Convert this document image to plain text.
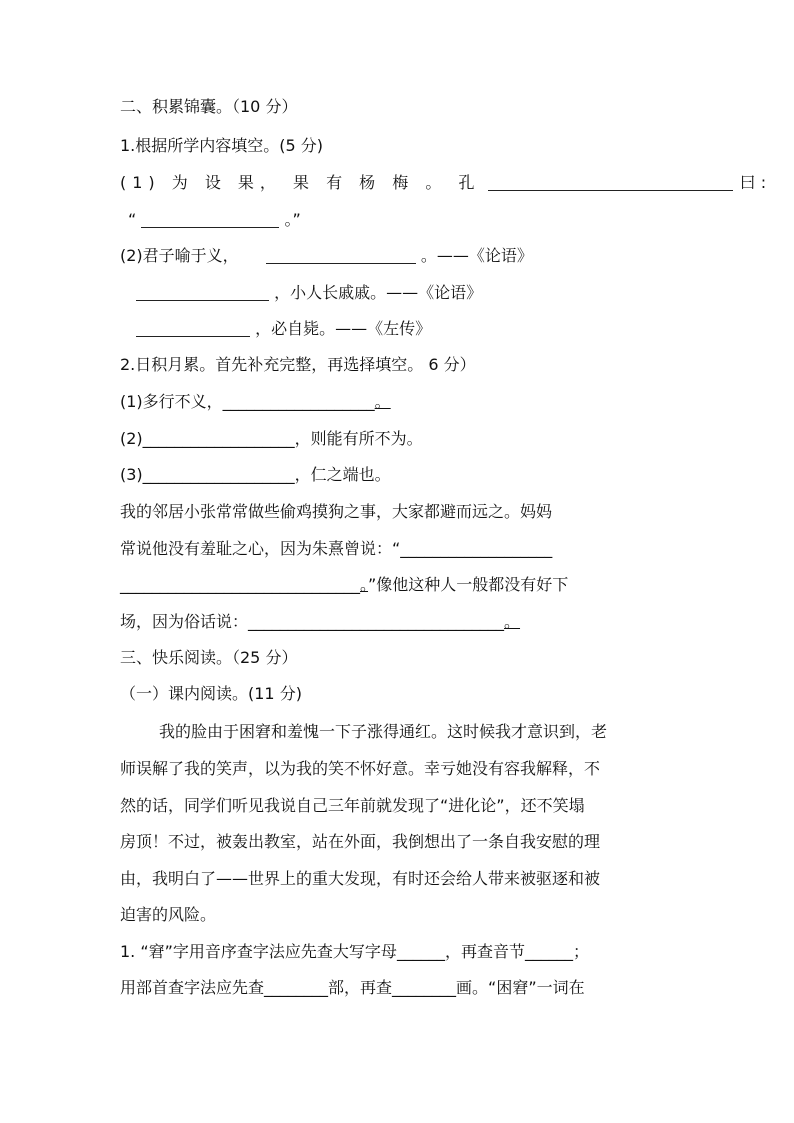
二、积累锦囊。（10 分）
1.根据所学内容填空。(5 分)
(1) 为 设 果， 果 有 杨 梅 。 孔	曰 :
“	。”
(2)君子喻于义，	。——《论语》
，小人长戚戚。——《论语》
，必自毙。——《左传》
2.日积月累。首先补充完整，再选择填空。 6 分）
(1)多行不义，___________________。
(2)___________________，则能有所不为。
(3)___________________，仁之端也。
我的邻居小张常常做些偷鸡摸狗之事，大家都避而远之。妈妈
常说他没有羞耻之心，因为朱熹曾说：“___________________
______________________________。”像他这种人一般都没有好下
场，因为俗话说：________________________________。
三、快乐阅读。（25 分）
（一）课内阅读。(11 分)
我的脸由于困窘和羞愧一下子涨得通红。这时候我才意识到，老
师误解了我的笑声，以为我的笑不怀好意。幸亏她没有容我解释，不
然的话，同学们听见我说自己三年前就发现了“进化论”，还不笑塌
房顶！不过，被轰出教室，站在外面，我倒想出了一条自我安慰的理
由，我明白了——世界上的重大发现，有时还会给人带来被驱逐和被
迫害的风险。
1. “窘”字用音序查字法应先查大写字母______，再查音节______；
用部首查字法应先查________部，再查________画。“困窘”一词在
